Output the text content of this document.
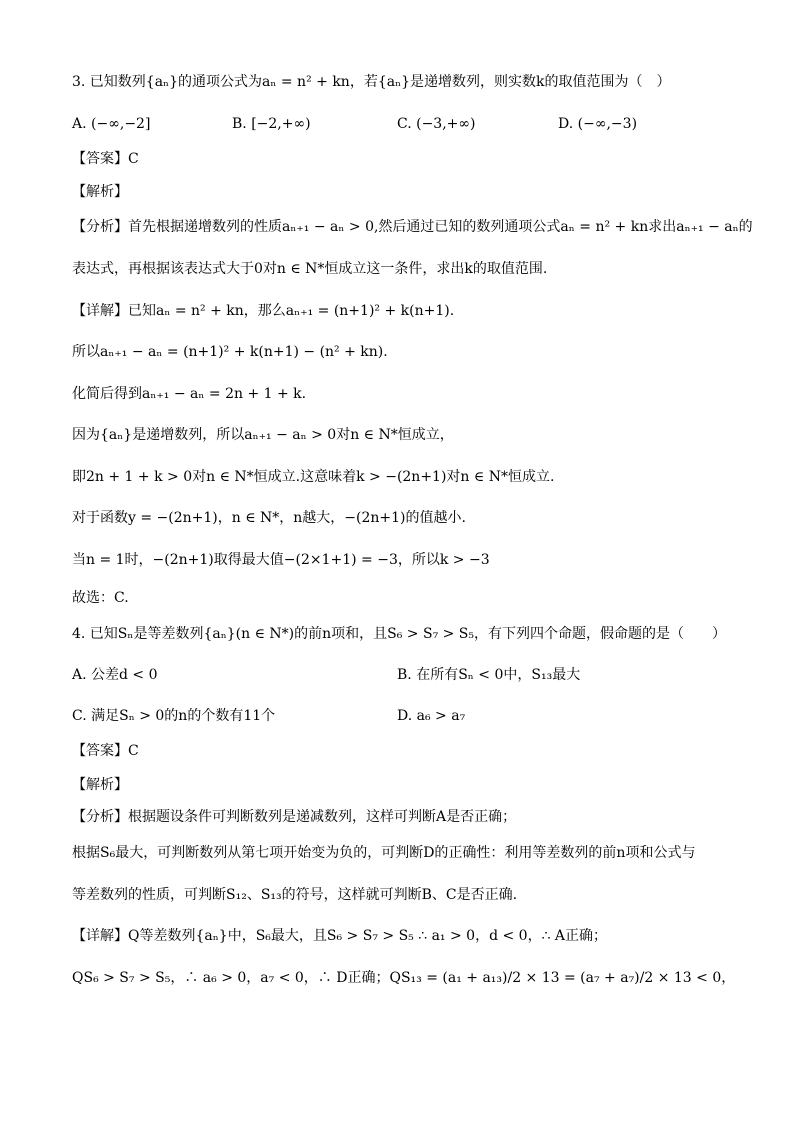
3. 已知数列{aₙ}的通项公式为aₙ = n² + kn，若{aₙ}是递增数列，则实数k的取值范围为（　）
A. (−∞,−2]	B. [−2,+∞)	C. (−3,+∞)	D. (−∞,−3)
【答案】C
【解析】
【分析】首先根据递增数列的性质aₙ₊₁ − aₙ > 0,然后通过已知的数列通项公式aₙ = n² + kn求出aₙ₊₁ − aₙ的
表达式，再根据该表达式大于0对n ∈ N*恒成立这一条件，求出k的取值范围.
【详解】已知aₙ = n² + kn，那么aₙ₊₁ = (n+1)² + k(n+1).
所以aₙ₊₁ − aₙ = (n+1)² + k(n+1) − (n² + kn).
化简后得到aₙ₊₁ − aₙ = 2n + 1 + k.
因为{aₙ}是递增数列，所以aₙ₊₁ − aₙ > 0对n ∈ N*恒成立，
即2n + 1 + k > 0对n ∈ N*恒成立.这意味着k > −(2n+1)对n ∈ N*恒成立.
对于函数y = −(2n+1)，n ∈ N*，n越大，−(2n+1)的值越小.
当n = 1时，−(2n+1)取得最大值−(2×1+1) = −3，所以k > −3
故选：C.
4. 已知Sₙ是等差数列{aₙ}(n ∈ N*)的前n项和，且S₆ > S₇ > S₅，有下列四个命题，假命题的是（　　）
A. 公差d < 0	B. 在所有Sₙ < 0中，S₁₃最大
C. 满足Sₙ > 0的n的个数有11个	D. a₆ > a₇
【答案】C
【解析】
【分析】根据题设条件可判断数列是递减数列，这样可判断A是否正确；
根据S₆最大，可判断数列从第七项开始变为负的，可判断D的正确性：利用等差数列的前n项和公式与
等差数列的性质，可判断S₁₂、S₁₃的符号，这样就可判断B、C是否正确.
【详解】Q等差数列{aₙ}中，S₆最大，且S₆ > S₇ > S₅ ∴ a₁ > 0，d < 0，∴ A正确；
QS₆ > S₇ > S₅，∴ a₆ > 0，a₇ < 0，∴ D正确；QS₁₃ = (a₁ + a₁₃)/2 × 13 = (a₇ + a₇)/2 × 13 < 0，
